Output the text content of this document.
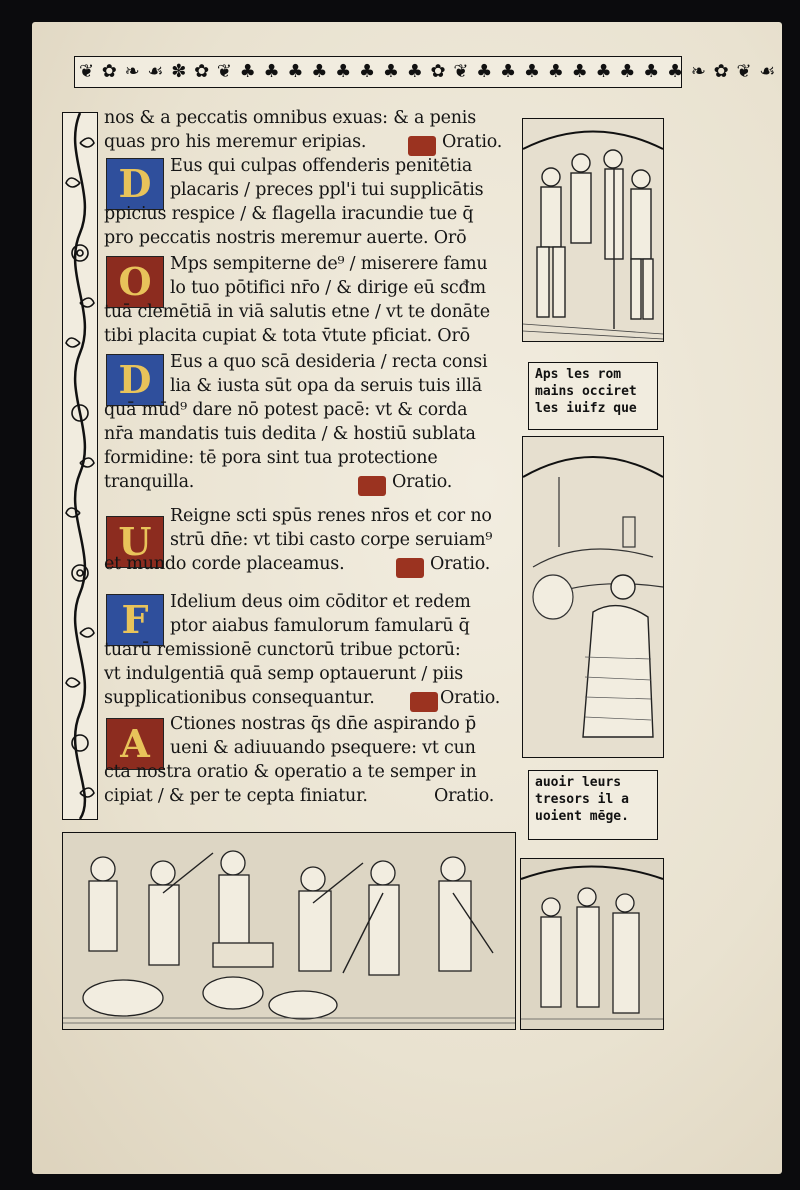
❦ ✿ ❧ ☙ ✽ ✿ ❦ ♣ ♣ ♣ ♣ ♣ ♣ ♣ ♣ ✿ ❦ ♣ ♣ ♣ ♣ ♣ ♣ ♣ ♣ ♣ ❧ ✿ ❦ ☙
nos & a peccatis omnibus exuas: & a penis
quas pro his meremur eripias.	Oratio.
D	Eus qui culpas offenderis penitētia
placaris / preces ppl'i tui supplicātis
ppicius respice / & flagella iracundie tue q̄
pro peccatis nostris meremur auerte. Orō
O	Mps sempiterne de⁹ / miserere famu
lo tuo pōtifici nr̄o / & dirige eū scđm
tuā clemētiā in viā salutis etne / vt te donāte
tibi placita cupiat & tota v̄tute pficiat. Orō
D	Eus a quo scā desideria / recta consi
lia & iusta sūt opa da seruis tuis illā
quā mūd⁹ dare nō potest pacē: vt & corda
nr̄a mandatis tuis dedita / & hostiū sublata
formidine: tē pora sint tua protectione
tranquilla.	Oratio.
U
Reigne scti spūs renes nr̄os et cor no
strū dn̄e: vt tibi casto corpe seruiam⁹
et mundo corde placeamus.	Oratio.
F	Idelium deus oim cōditor et redem
ptor aiabus famulorum famularū q̄
tuarū remissionē cunctorū tribue pctorū:
vt indulgentiā quā semp optauerunt / piis
supplicationibus consequantur.	Oratio.
A	Ctiones nostras q̄s dn̄e aspirando p̄
ueni & adiuuando psequere: vt cun
cta nostra oratio & operatio a te semper in
cipiat / & per te cepta finiatur.	Oratio.
Aps les rom
mains occiret
les iuifz que
auoir leurs
tresors il a
uoient mēge.
